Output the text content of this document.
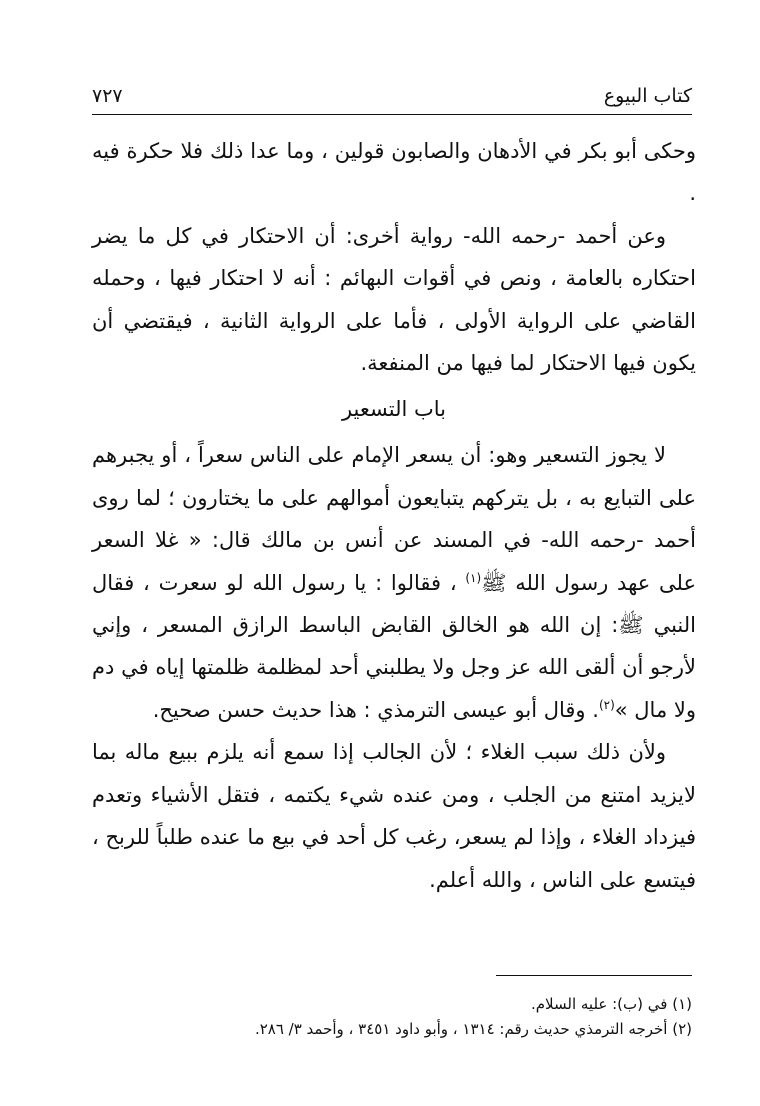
كتاب البيوع
٧٢٧

وحكى أبو بكر في الأدهان والصابون قولين ، وما عدا ذلك فلا حكرة فيه .

وعن أحمد -رحمه الله- رواية أخرى: أن الاحتكار في كل ما يضر احتكاره بالعامة ، ونص في أقوات البهائم : أنه لا احتكار فيها ، وحمله القاضي على الرواية الأولى ، فأما على الرواية الثانية ، فيقتضي أن يكون فيها الاحتكار لما فيها من المنفعة.

باب التسعير

لا يجوز التسعير وهو: أن يسعر الإمام على الناس سعراً ، أو يجبرهم على التبايع به ، بل يتركهم يتبايعون أموالهم على ما يختارون ؛ لما روى أحمد -رحمه الله- في المسند عن أنس بن مالك قال: « غلا السعر على عهد رسول الله ﷺ$^{(١)}$ ، فقالوا : يا رسول الله لو سعرت ، فقال النبي ﷺ: إن الله هو الخالق القابض الباسط الرازق المسعر ، وإني لأرجو أن ألقى الله عز وجل ولا يطلبني أحد لمظلمة ظلمتها إياه في دم ولا مال »$^{(٢)}$. وقال أبو عيسى الترمذي : هذا حديث حسن صحيح.

ولأن ذلك سبب الغلاء ؛ لأن الجالب إذا سمع أنه يلزم ببيع ماله بما لايزيد امتنع من الجلب ، ومن عنده شيء يكتمه ، فتقل الأشياء وتعدم فيزداد الغلاء ، وإذا لم يسعر، رغب كل أحد في بيع ما عنده طلباً للربح ، فيتسع على الناس ، والله أعلم.

(١) في (ب): عليه السلام.
(٢) أخرجه الترمذي حديث رقم: ١٣١٤ ، وأبو داود ٣٤٥١ ، وأحمد ٣/ ٢٨٦.
